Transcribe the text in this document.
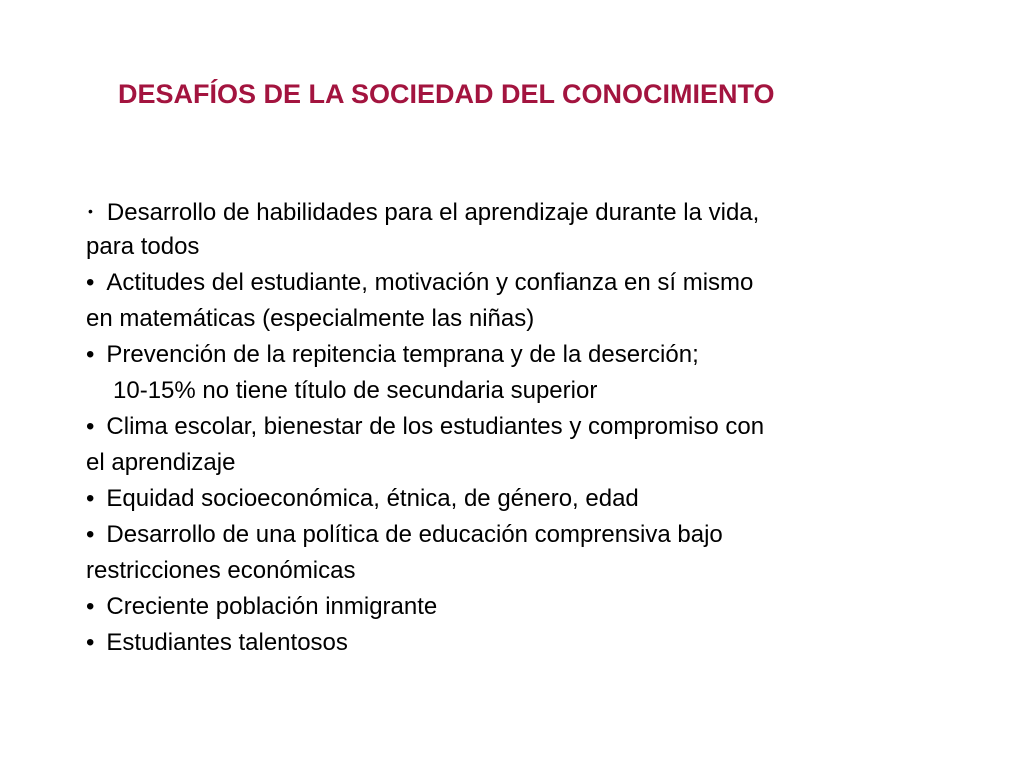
DESAFÍOS DE LA SOCIEDAD DEL CONOCIMIENTO

• Desarrollo de habilidades para el aprendizaje durante la vida,

para todos

• Actitudes del estudiante, motivación y confianza en sí mismo

en matemáticas (especialmente las niñas)

• Prevención de la repitencia temprana y de la deserción;

10-15% no tiene título de secundaria superior

• Clima escolar, bienestar de los estudiantes y compromiso con

el aprendizaje

• Equidad socioeconómica, étnica, de género, edad

• Desarrollo de una política de educación comprensiva bajo

restricciones económicas

• Creciente población inmigrante

• Estudiantes talentosos
